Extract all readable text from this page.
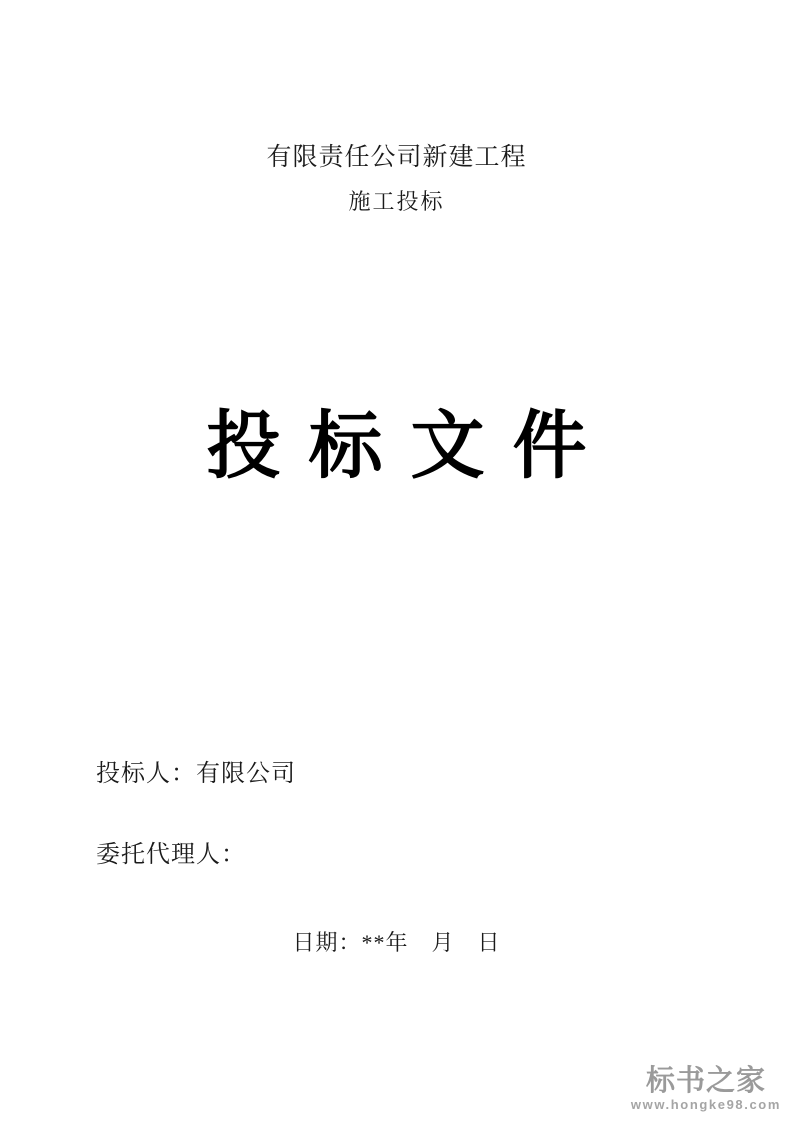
有限责任公司新建工程
施工投标
投标文件
投标人：有限公司
委托代理人：
日期：**年　月　日
标书之家
www.hongke98.com
